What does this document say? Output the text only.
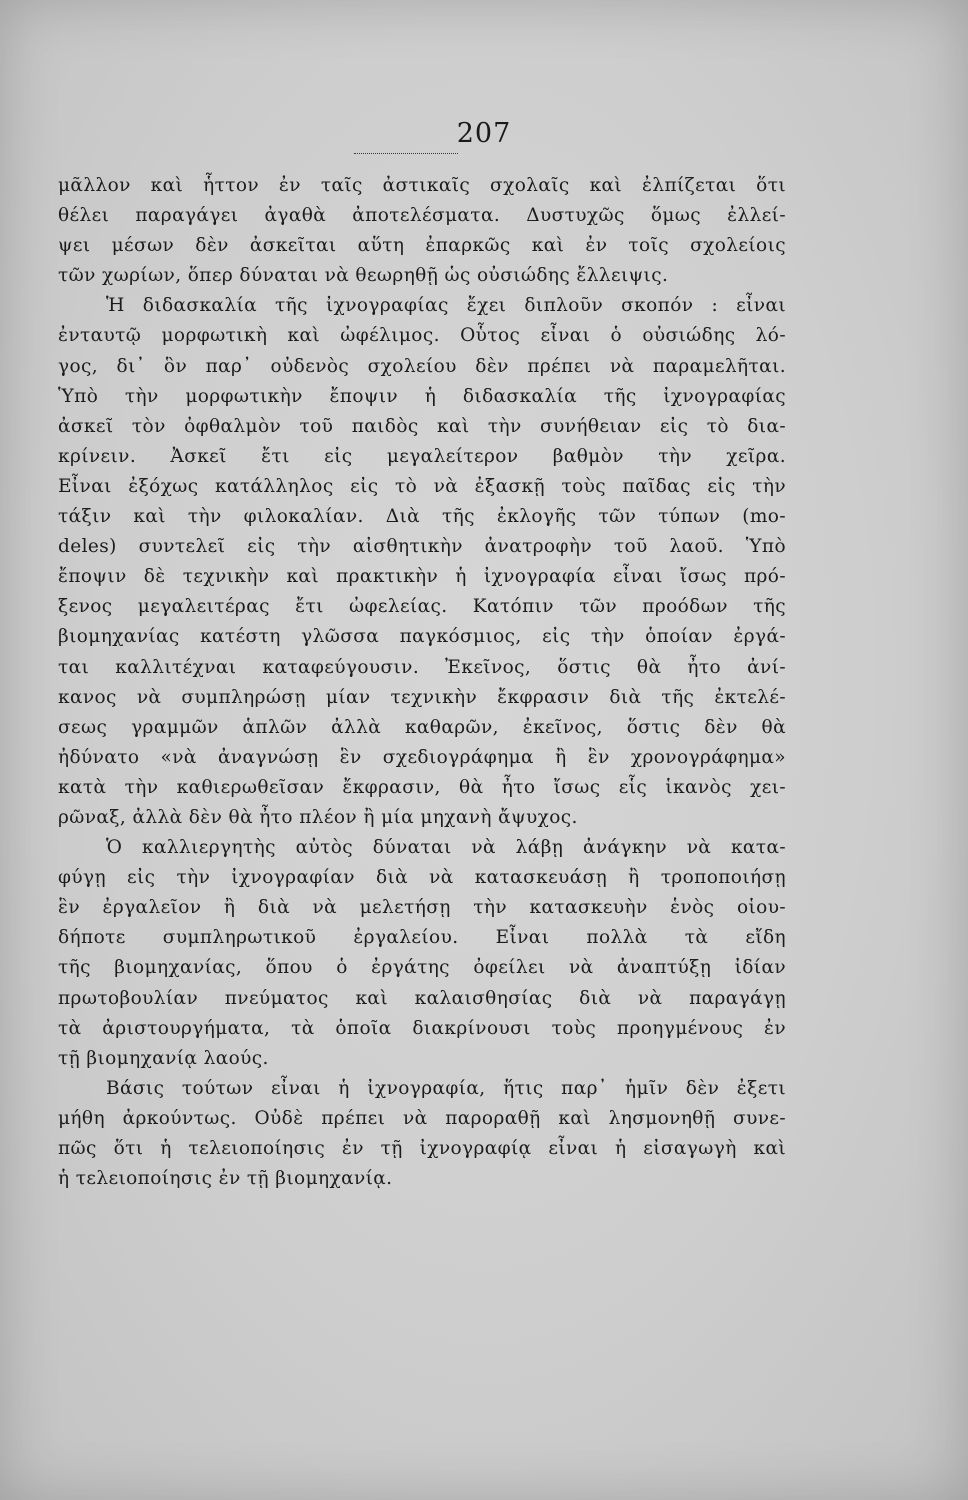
207
μᾶλλον καὶ ἧττον ἐν ταῖς ἀστικαῖς σχολαῖς καὶ ἐλπίζεται ὅτι
θέλει παραγάγει ἀγαθὰ ἀποτελέσματα. Δυστυχῶς ὅμως ἐλλεί-
ψει μέσων δὲν ἀσκεῖται αὕτη ἐπαρκῶς καὶ ἐν τοῖς σχολείοις
τῶν χωρίων, ὅπερ δύναται νὰ θεωρηθῇ ὡς οὐσιώδης ἔλλειψις.
Ἡ διδασκαλία τῆς ἰχνογραφίας ἔχει διπλοῦν σκοπόν : εἶναι
ἐνταυτῷ μορφωτικὴ καὶ ὠφέλιμος. Οὗτος εἶναι ὁ οὐσιώδης λό-
γος, δι᾽ ὃν παρ᾽ οὐδενὸς σχολείου δὲν πρέπει νὰ παραμελῆται.
Ὑπὸ τὴν μορφωτικὴν ἔποψιν ἡ διδασκαλία τῆς ἰχνογραφίας
ἀσκεῖ τὸν ὀφθαλμὸν τοῦ παιδὸς καὶ τὴν συνήθειαν εἰς τὸ δια-
κρίνειν. Ἀσκεῖ ἔτι εἰς μεγαλείτερον βαθμὸν τὴν χεῖρα.
Εἶναι ἐξόχως κατάλληλος εἰς τὸ νὰ ἐξασκῇ τοὺς παῖδας εἰς τὴν
τάξιν καὶ τὴν φιλοκαλίαν. Διὰ τῆς ἐκλογῆς τῶν τύπων (mo-
deles) συντελεῖ εἰς τὴν αἰσθητικὴν ἀνατροφὴν τοῦ λαοῦ. Ὑπὸ
ἔποψιν δὲ τεχνικὴν καὶ πρακτικὴν ἡ ἰχνογραφία εἶναι ἴσως πρό-
ξενος μεγαλειτέρας ἔτι ὠφελείας. Κατόπιν τῶν προόδων τῆς
βιομηχανίας κατέστη γλῶσσα παγκόσμιος, εἰς τὴν ὁποίαν ἐργά-
ται καλλιτέχναι καταφεύγουσιν. Ἐκεῖνος, ὅστις θὰ ἦτο ἀνί-
κανος νὰ συμπληρώσῃ μίαν τεχνικὴν ἔκφρασιν διὰ τῆς ἐκτελέ-
σεως γραμμῶν ἁπλῶν ἀλλὰ καθαρῶν, ἐκεῖνος, ὅστις δὲν θὰ
ἠδύνατο «νὰ ἀναγνώσῃ ἓν σχεδιογράφημα ἢ ἓν χρονογράφημα»
κατὰ τὴν καθιερωθεῖσαν ἔκφρασιν, θὰ ἦτο ἴσως εἷς ἱκανὸς χει-
ρῶναξ, ἀλλὰ δὲν θὰ ἦτο πλέον ἢ μία μηχανὴ ἄψυχος.
Ὁ καλλιεργητὴς αὐτὸς δύναται νὰ λάβῃ ἀνάγκην νὰ κατα-
φύγῃ εἰς τὴν ἰχνογραφίαν διὰ νὰ κατασκευάσῃ ἢ τροποποιήσῃ
ἓν ἐργαλεῖον ἢ διὰ νὰ μελετήσῃ τὴν κατασκευὴν ἑνὸς οἱου-
δήποτε συμπληρωτικοῦ ἐργαλείου. Εἶναι πολλὰ τὰ εἴδη
τῆς βιομηχανίας, ὅπου ὁ ἐργάτης ὀφείλει νὰ ἀναπτύξῃ ἰδίαν
πρωτοβουλίαν πνεύματος καὶ καλαισθησίας διὰ νὰ παραγάγῃ
τὰ ἀριστουργήματα, τὰ ὁποῖα διακρίνουσι τοὺς προηγμένους ἐν
τῇ βιομηχανίᾳ λαούς.
Βάσις τούτων εἶναι ἡ ἰχνογραφία, ἥτις παρ᾽ ἡμῖν δὲν ἐξετι
μήθη ἀρκούντως. Οὐδὲ πρέπει νὰ παροραθῇ καὶ λησμονηθῇ συνε-
πῶς ὅτι ἡ τελειοποίησις ἐν τῇ ἰχνογραφίᾳ εἶναι ἡ εἰσαγωγὴ καὶ
ἡ τελειοποίησις ἐν τῇ βιομηχανίᾳ.
